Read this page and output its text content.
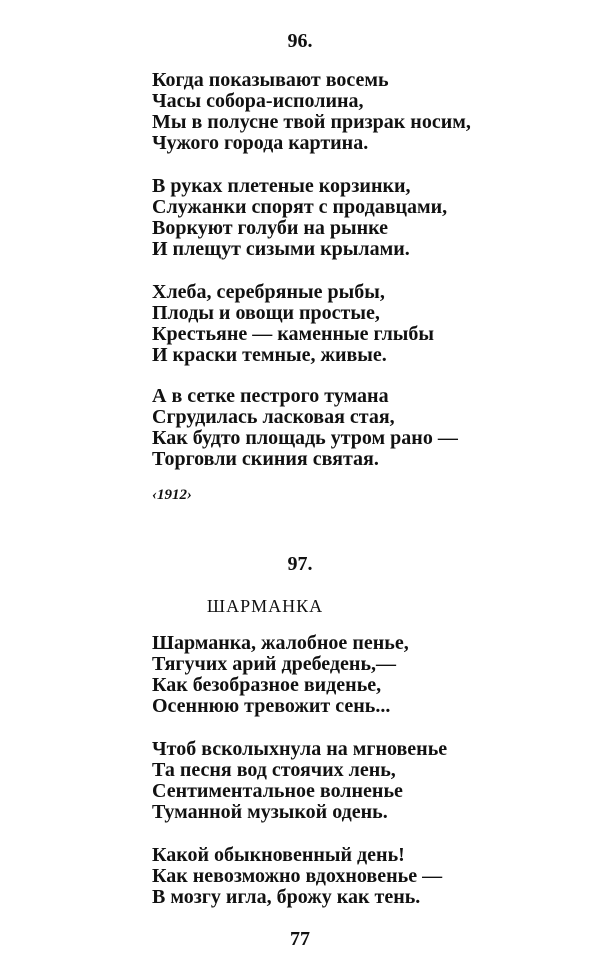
96.
Когда показывают восемь
Часы собора-исполина,
Мы в полусне твой призрак носим,
Чужого города картина.
В руках плетеные корзинки,
Служанки спорят с продавцами,
Воркуют голуби на рынке
И плещут сизыми крылами.
Хлеба, серебряные рыбы,
Плоды и овощи простые,
Крестьяне — каменные глыбы
И краски темные, живые.
А в сетке пестрого тумана
Сгрудилась ласковая стая,
Как будто площадь утром рано —
Торговли скиния святая.
‹1912›
97.
ШАРМАНКА
Шарманка, жалобное пенье,
Тягучих арий дребедень,—
Как безобразное виденье,
Осеннюю тревожит сень...
Чтоб всколыхнула на мгновенье
Та песня вод стоячих лень,
Сентиментальное волненье
Туманной музыкой одень.
Какой обыкновенный день!
Как невозможно вдохновенье —
В мозгу игла, брожу как тень.
77
